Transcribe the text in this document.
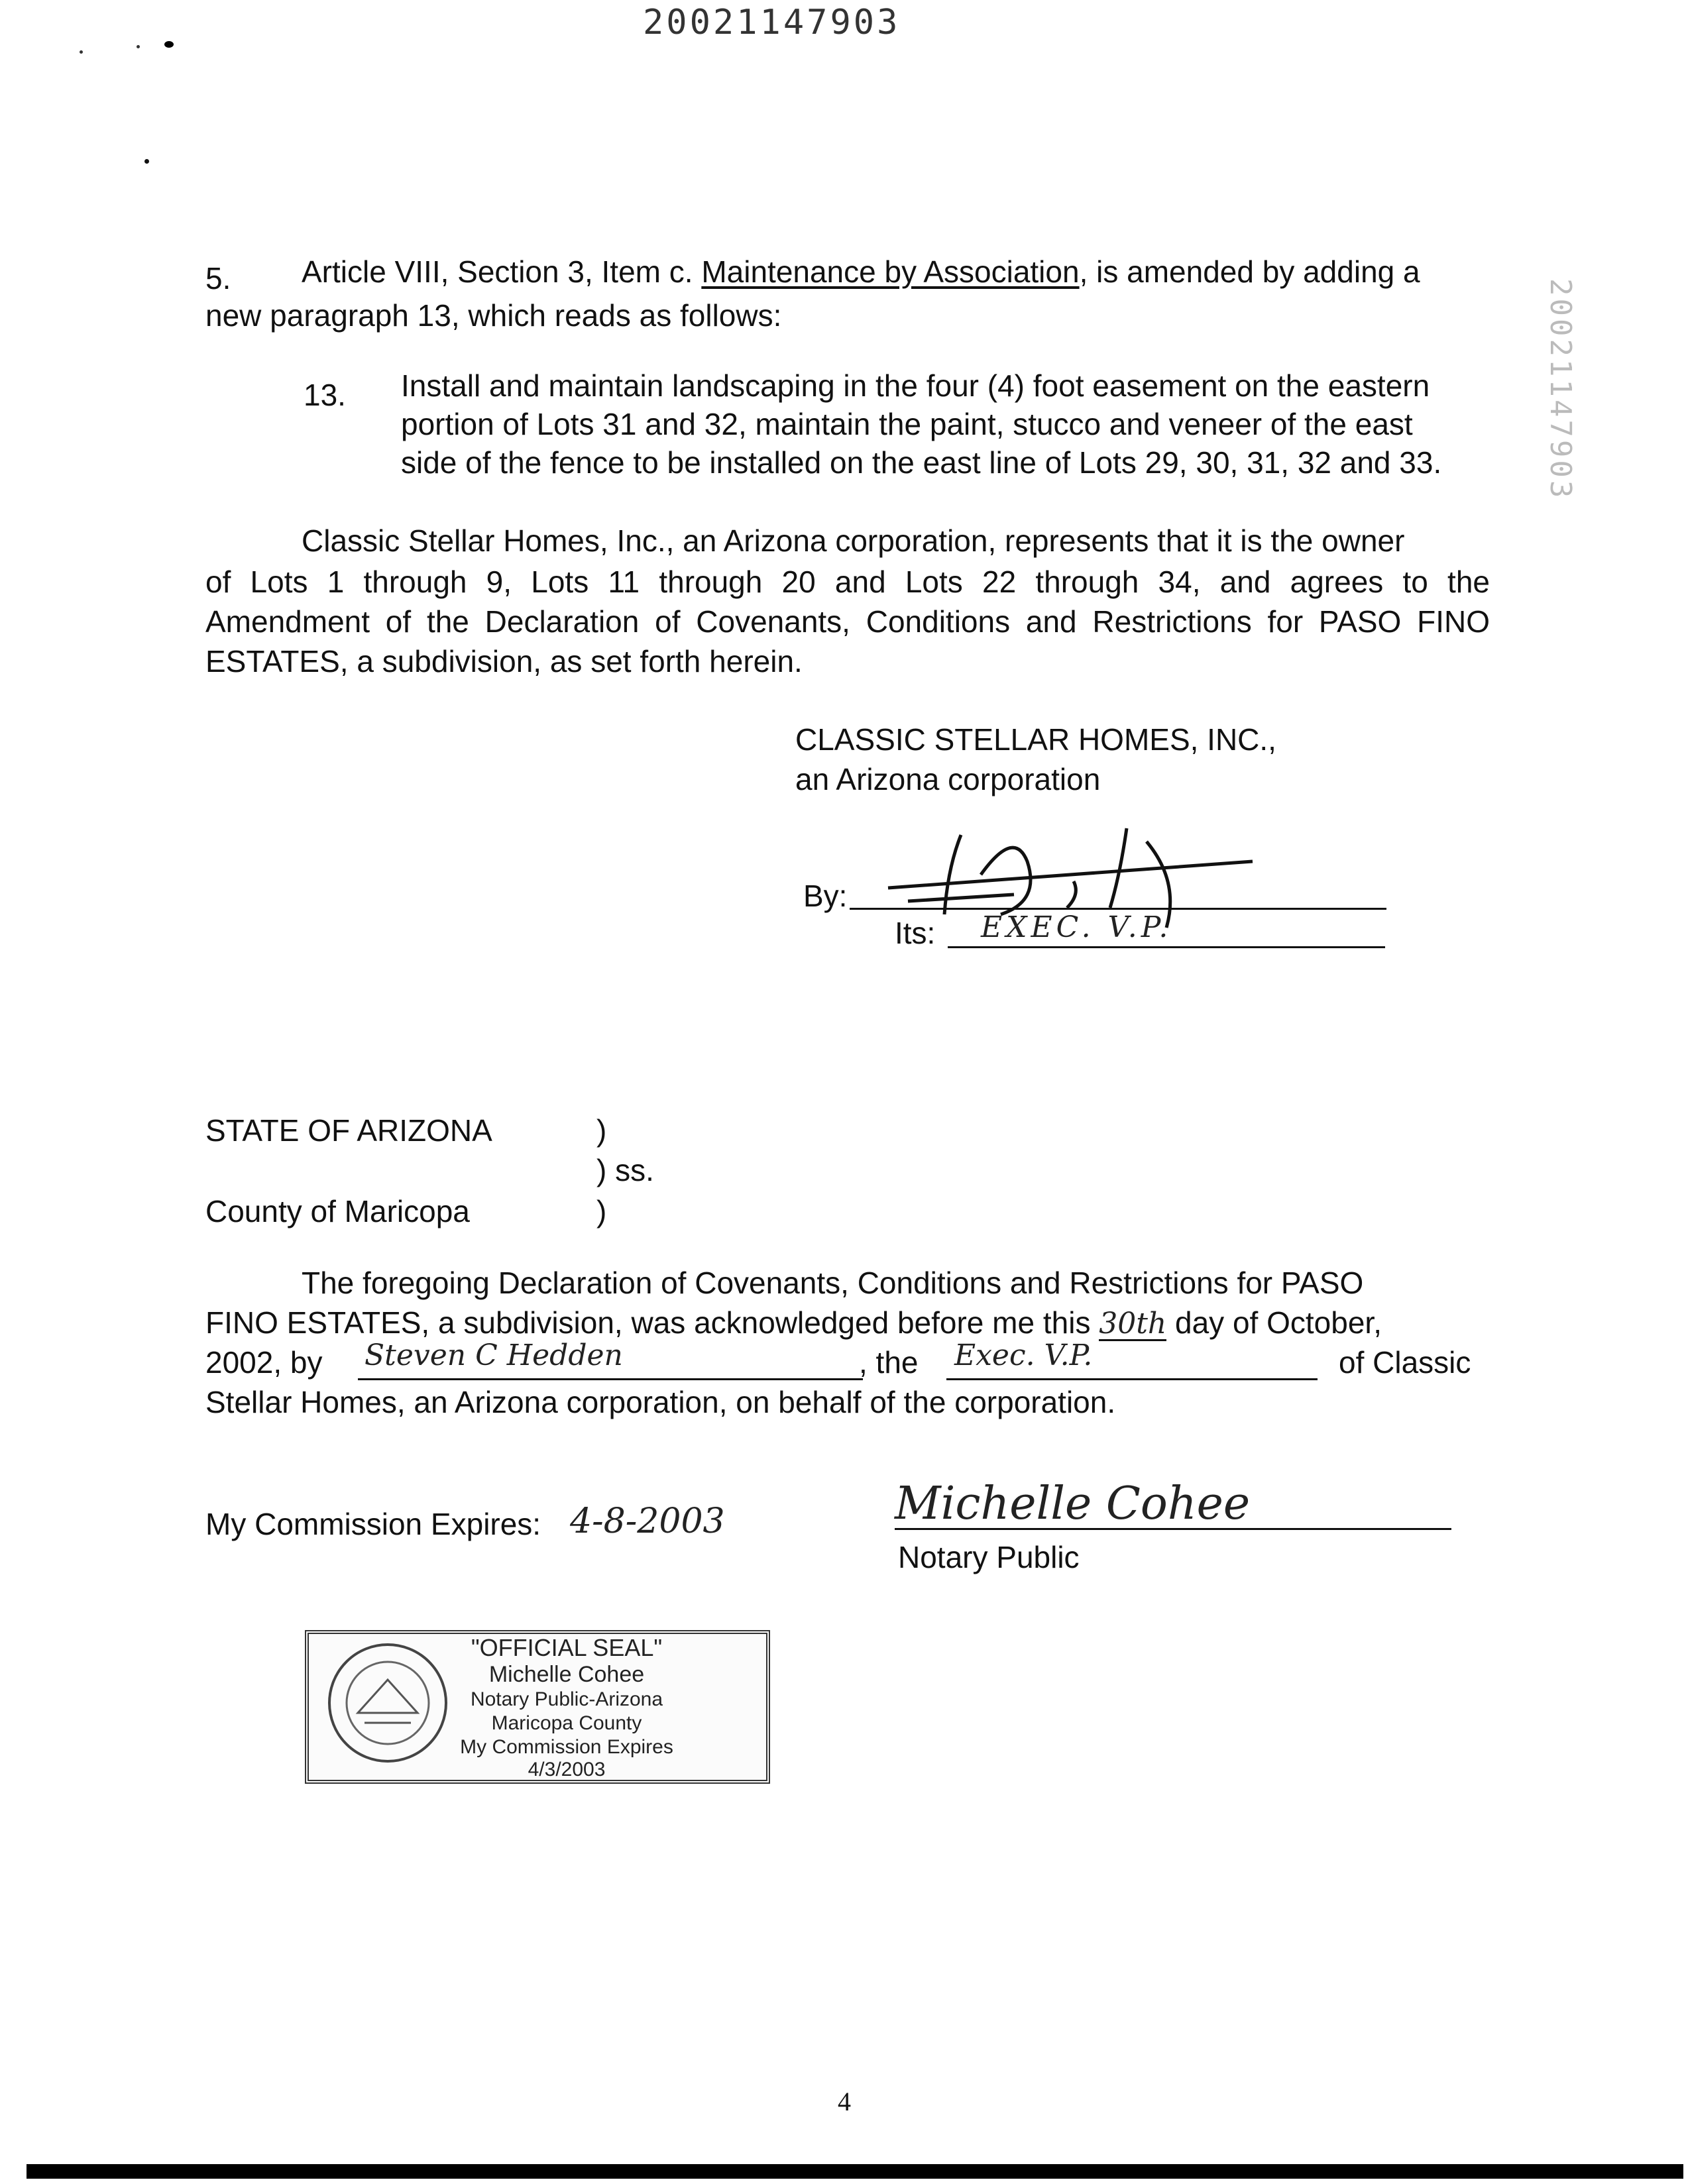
20021147903
20021147903
5. Article VIII, Section 3, Item c. Maintenance by Association, is amended by adding a
new paragraph 13, which reads as follows:
13. Install and maintain landscaping in the four (4) foot easement on the eastern
portion of Lots 31 and 32, maintain the paint, stucco and veneer of the east
side of the fence to be installed on the east line of Lots 29, 30, 31, 32 and 33.
Classic Stellar Homes, Inc., an Arizona corporation, represents that it is the owner
of Lots 1 through 9, Lots 11 through 20 and Lots 22 through 34, and agrees to the
Amendment of the Declaration of Covenants, Conditions and Restrictions for PASO FINO
ESTATES, a subdivision, as set forth herein.
CLASSIC STELLAR HOMES, INC.,
an Arizona corporation
By:
Its: EXEC. V.P.
STATE OF ARIZONA	)
) ss.
County of Maricopa	)
The foregoing Declaration of Covenants, Conditions and Restrictions for PASO
FINO ESTATES, a subdivision, was acknowledged before me this 30th day of October,
2002, by Steven C Hedden	, the Exec. V.P.	of Classic
Stellar Homes, an Arizona corporation, on behalf of the corporation.
My Commission Expires: 4-8-2003	Michelle Cohee
Notary Public
"OFFICIAL SEAL"
Michelle Cohee
Notary Public-Arizona
Maricopa County
My Commission Expires 4/3/2003
4
